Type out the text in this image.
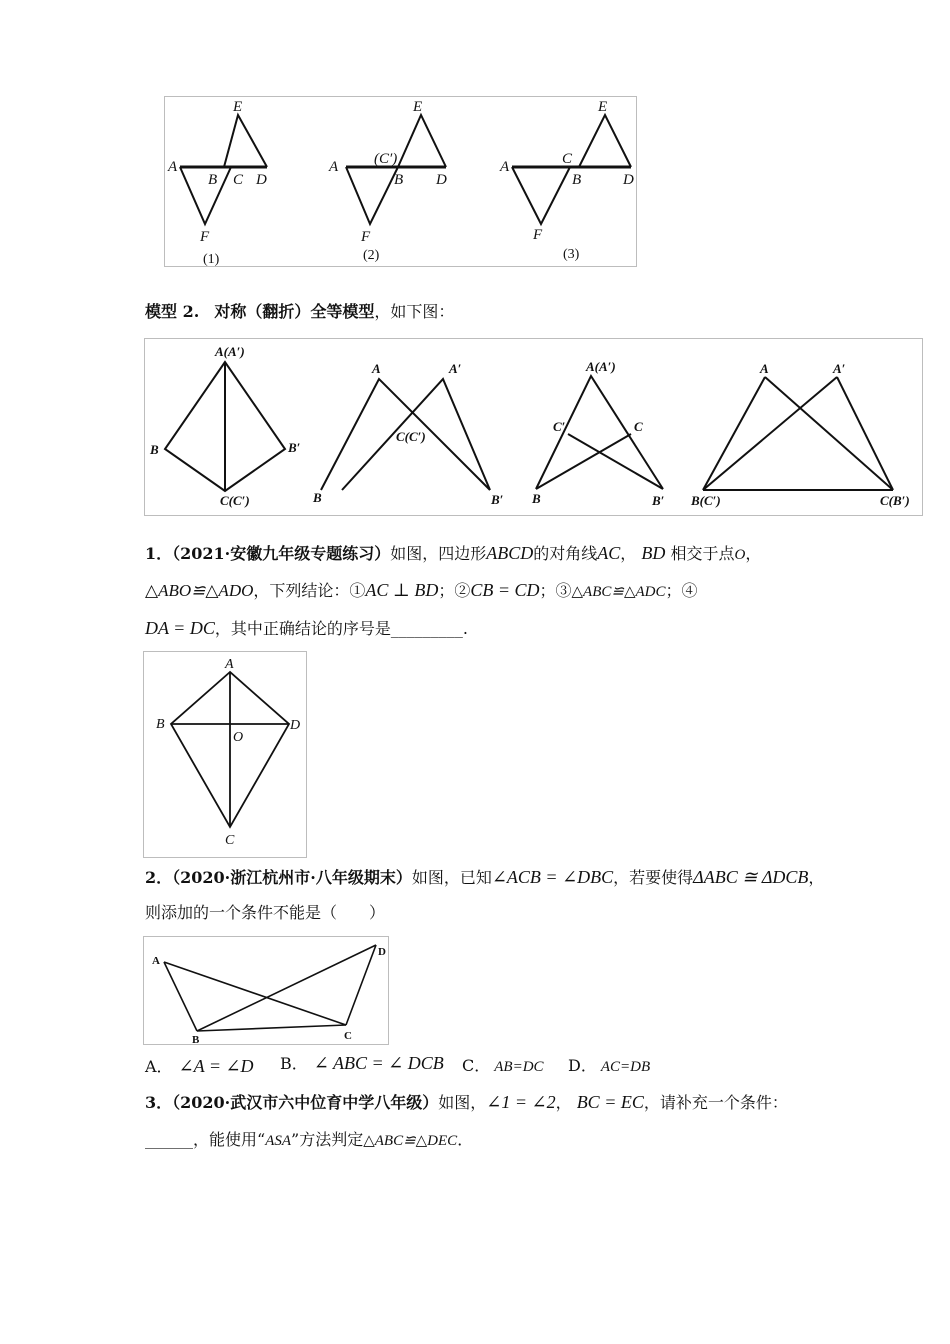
A
B C D
E
F
(1)
A (C′)
B D
E
F
(2)
A	C
B	D
E
F
(3)
模型 2. 对称（翻折）全等模型，如下图：
A(A′)
B	B′
C(C′)
A	A′
C(C′)
B	B′
A(A′)
C′	C
B	B′
A	A′
B(C′)	C(B′)
1．（2021·安徽九年级专题练习）如图，四边形ABCD的对角线AC， BD 相交于点O，
△ABO≌△ADO，下列结论：①AC ⊥ BD；②CB = CD；③△ABC≌△ADC；④
DA = DC，其中正确结论的序号是_________.
A
B	D
O
C
2．（2020·浙江杭州市·八年级期末）如图，已知∠ACB = ∠DBC，若要使得ΔABC ≅ ΔDCB，
则添加的一个条件不能是（　　）
A
B	C
D
A． ∠A = ∠D B． ∠ ABC = ∠ DCB C． AB=DC D． AC=DB
3．（2020·武汉市六中位育中学八年级）如图，∠1 = ∠2， BC = EC，请补充一个条件：
______，能使用“ASA”方法判定△ABC≌△DEC．
